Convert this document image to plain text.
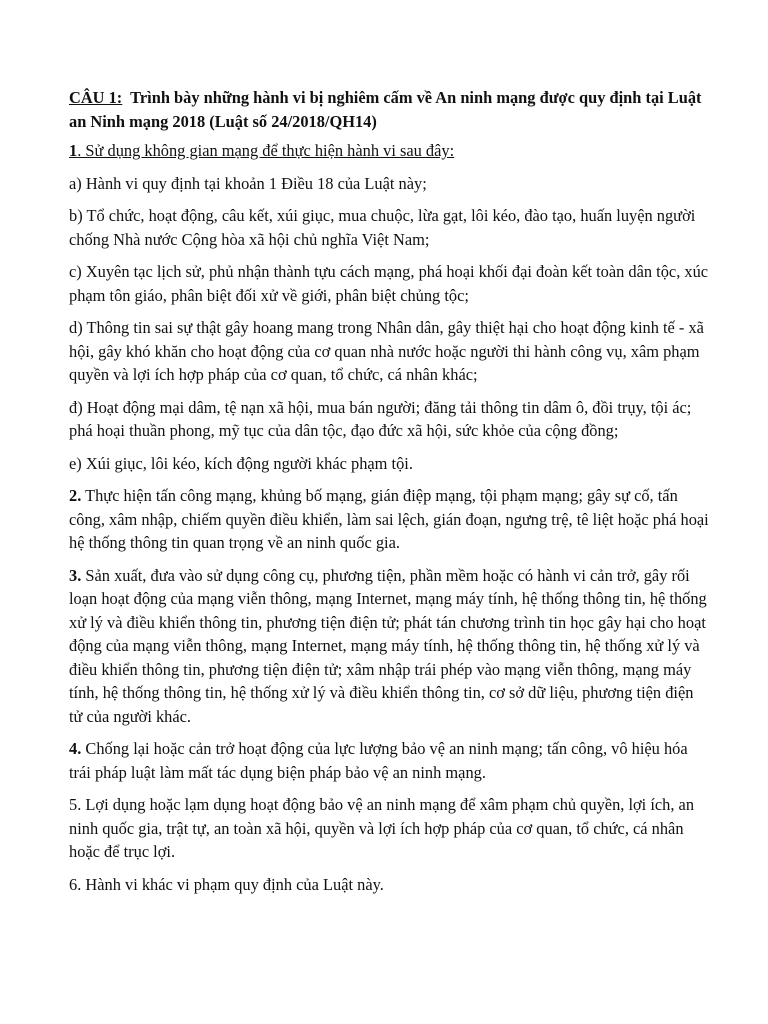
CÂU 1: Trình bày những hành vi bị nghiêm cấm về An ninh mạng được quy định tại Luật an Ninh mạng 2018 (Luật số 24/2018/QH14)

1. Sử dụng không gian mạng để thực hiện hành vi sau đây:

a) Hành vi quy định tại khoản 1 Điều 18 của Luật này;

b) Tổ chức, hoạt động, câu kết, xúi giục, mua chuộc, lừa gạt, lôi kéo, đào tạo, huấn luyện người chống Nhà nước Cộng hòa xã hội chủ nghĩa Việt Nam;

c) Xuyên tạc lịch sử, phủ nhận thành tựu cách mạng, phá hoại khối đại đoàn kết toàn dân tộc, xúc phạm tôn giáo, phân biệt đối xử về giới, phân biệt chủng tộc;

d) Thông tin sai sự thật gây hoang mang trong Nhân dân, gây thiệt hại cho hoạt động kinh tế - xã hội, gây khó khăn cho hoạt động của cơ quan nhà nước hoặc người thi hành công vụ, xâm phạm quyền và lợi ích hợp pháp của cơ quan, tổ chức, cá nhân khác;

đ) Hoạt động mại dâm, tệ nạn xã hội, mua bán người; đăng tải thông tin dâm ô, đồi trụy, tội ác; phá hoại thuần phong, mỹ tục của dân tộc, đạo đức xã hội, sức khỏe của cộng đồng;

e) Xúi giục, lôi kéo, kích động người khác phạm tội.

2. Thực hiện tấn công mạng, khủng bố mạng, gián điệp mạng, tội phạm mạng; gây sự cố, tấn công, xâm nhập, chiếm quyền điều khiển, làm sai lệch, gián đoạn, ngưng trệ, tê liệt hoặc phá hoại hệ thống thông tin quan trọng về an ninh quốc gia.

3. Sản xuất, đưa vào sử dụng công cụ, phương tiện, phần mềm hoặc có hành vi cản trở, gây rối loạn hoạt động của mạng viễn thông, mạng Internet, mạng máy tính, hệ thống thông tin, hệ thống xử lý và điều khiển thông tin, phương tiện điện tử; phát tán chương trình tin học gây hại cho hoạt động của mạng viễn thông, mạng Internet, mạng máy tính, hệ thống thông tin, hệ thống xử lý và điều khiển thông tin, phương tiện điện tử; xâm nhập trái phép vào mạng viễn thông, mạng máy tính, hệ thống thông tin, hệ thống xử lý và điều khiển thông tin, cơ sở dữ liệu, phương tiện điện tử của người khác.

4. Chống lại hoặc cản trở hoạt động của lực lượng bảo vệ an ninh mạng; tấn công, vô hiệu hóa trái pháp luật làm mất tác dụng biện pháp bảo vệ an ninh mạng.

5. Lợi dụng hoặc lạm dụng hoạt động bảo vệ an ninh mạng để xâm phạm chủ quyền, lợi ích, an ninh quốc gia, trật tự, an toàn xã hội, quyền và lợi ích hợp pháp của cơ quan, tổ chức, cá nhân hoặc để trục lợi.

6. Hành vi khác vi phạm quy định của Luật này.
